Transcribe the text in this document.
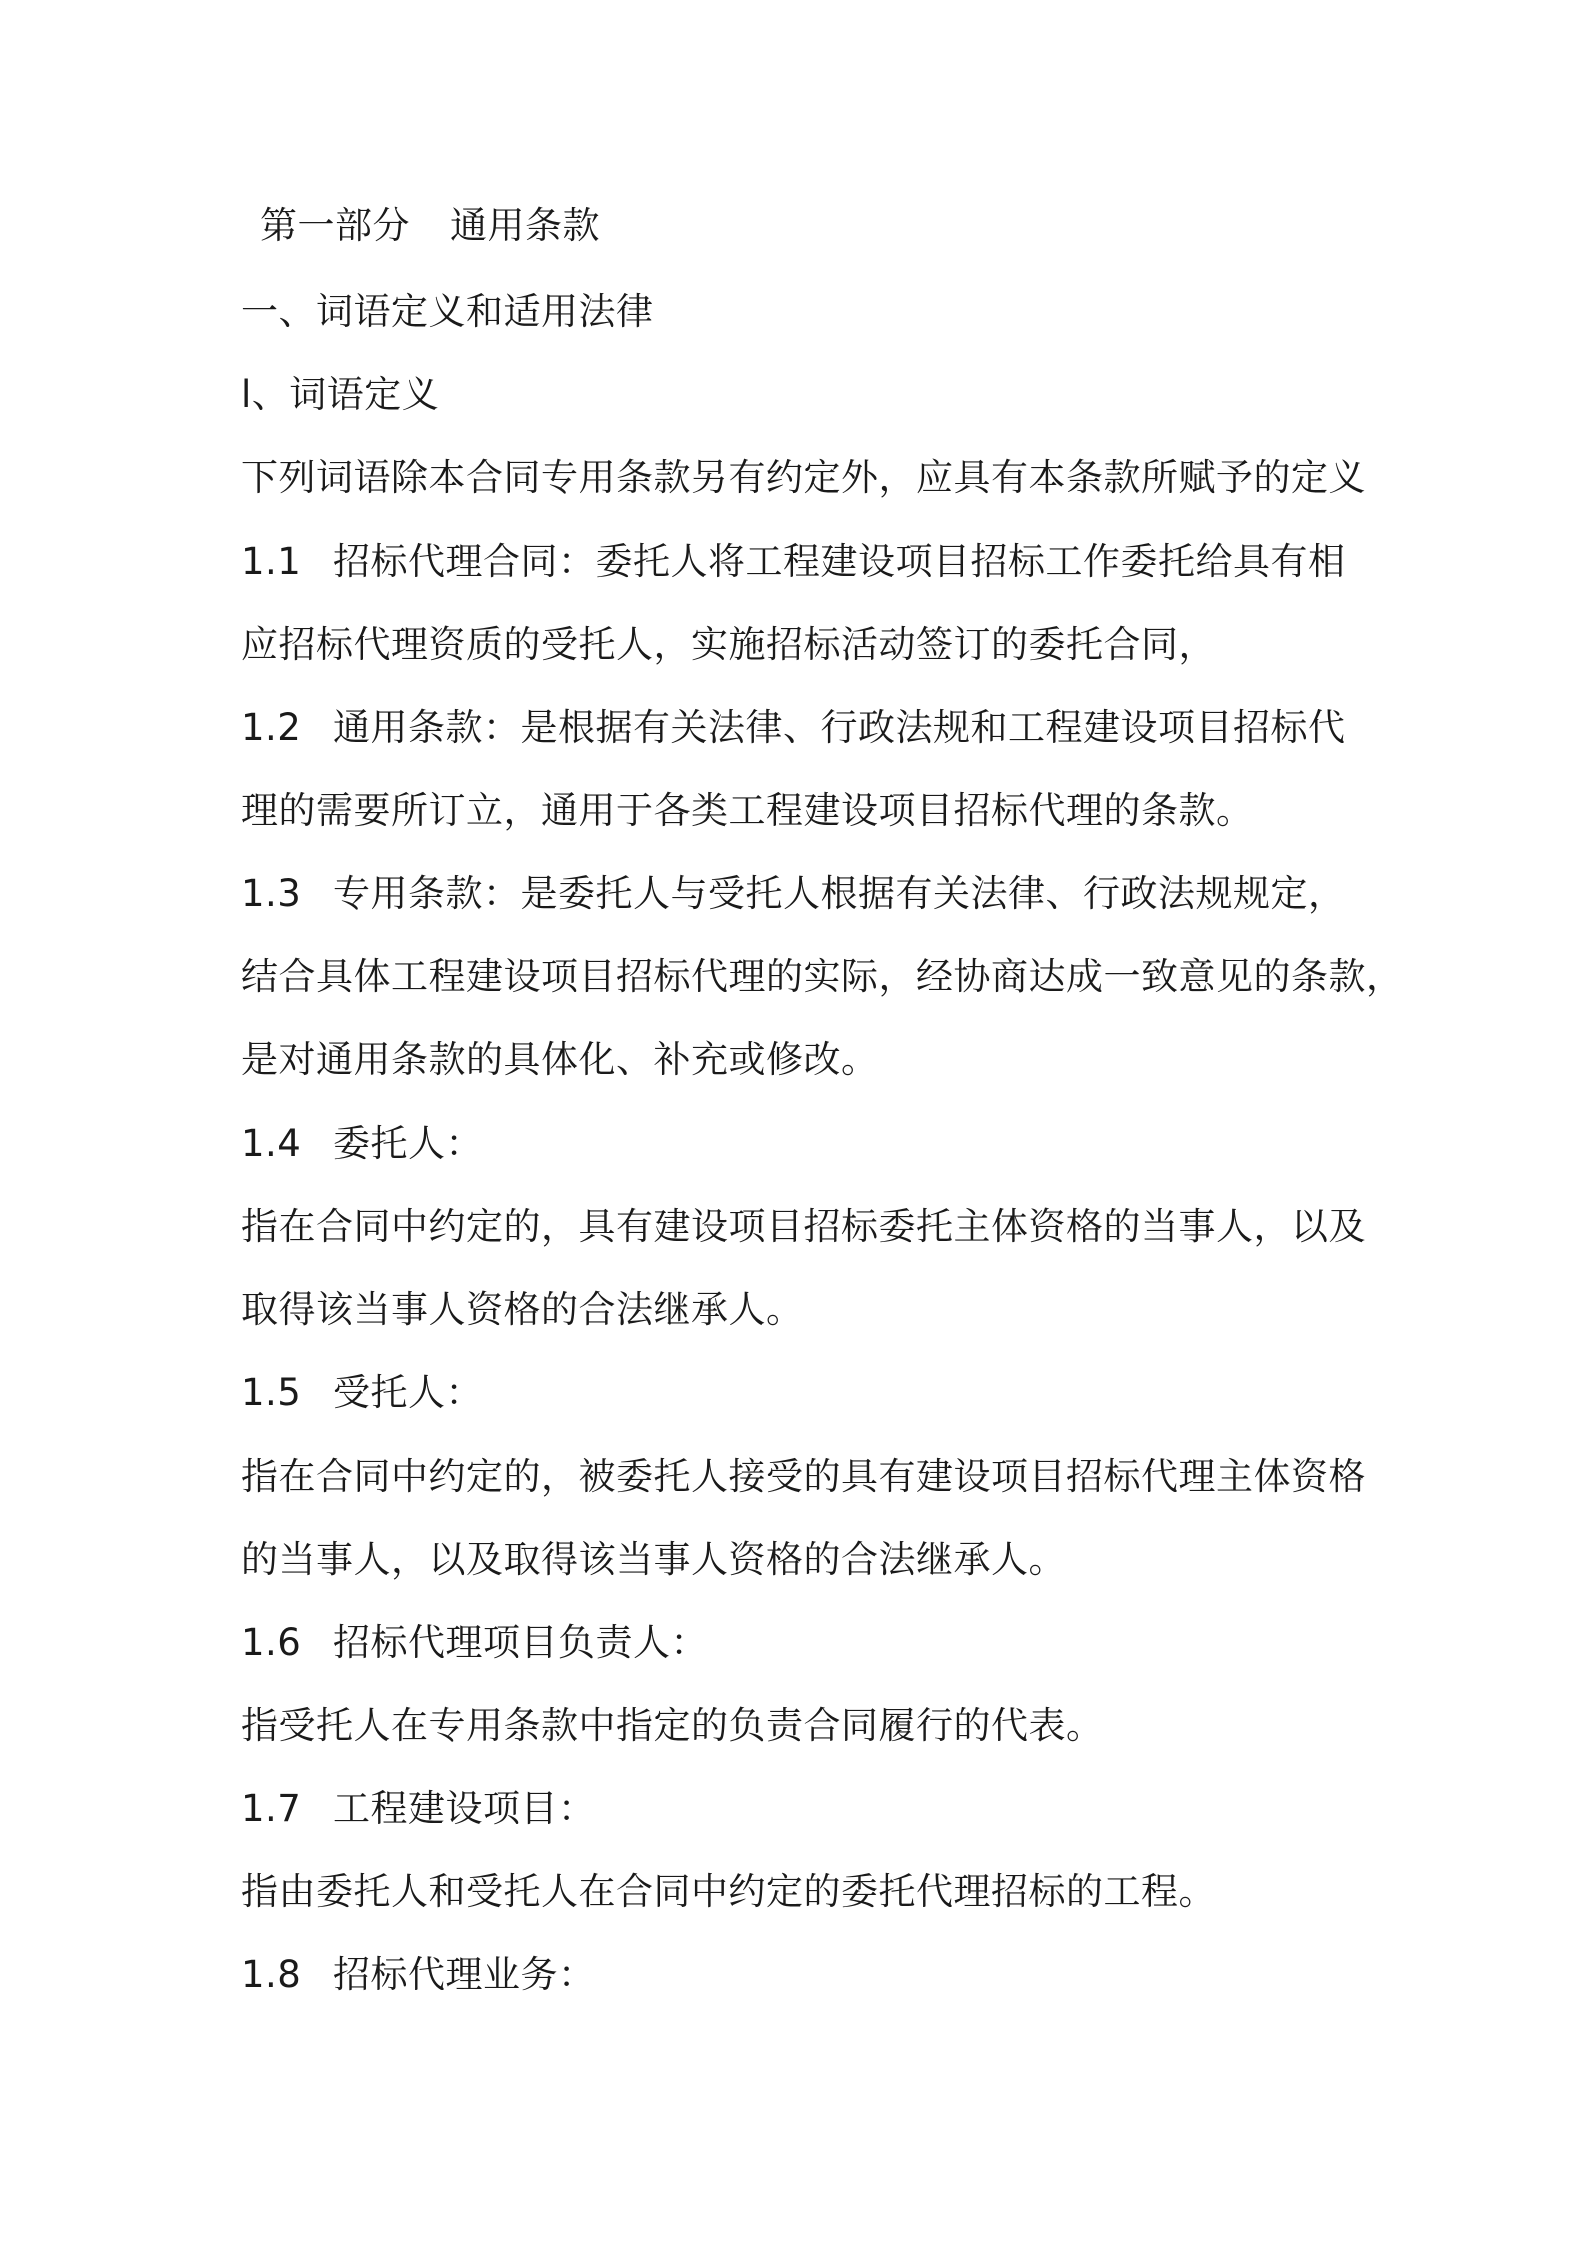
第一部分 通用条款
一、词语定义和适用法律
l、词语定义
下列词语除本合同专用条款另有约定外，应具有本条款所赋予的定义
1.1 招标代理合同：委托人将工程建设项目招标工作委托给具有相
应招标代理资质的受托人，实施招标活动签订的委托合同，
1.2 通用条款：是根据有关法律、行政法规和工程建设项目招标代
理的需要所订立，通用于各类工程建设项目招标代理的条款。
1.3 专用条款：是委托人与受托人根据有关法律、行政法规规定，
结合具体工程建设项目招标代理的实际，经协商达成一致意见的条款，
是对通用条款的具体化、补充或修改。
1.4 委托人：
指在合同中约定的，具有建设项目招标委托主体资格的当事人，以及
取得该当事人资格的合法继承人。
1.5 受托人：
指在合同中约定的，被委托人接受的具有建设项目招标代理主体资格
的当事人，以及取得该当事人资格的合法继承人。
1.6 招标代理项目负责人：
指受托人在专用条款中指定的负责合同履行的代表。
1.7 工程建设项目：
指由委托人和受托人在合同中约定的委托代理招标的工程。
1.8 招标代理业务：
